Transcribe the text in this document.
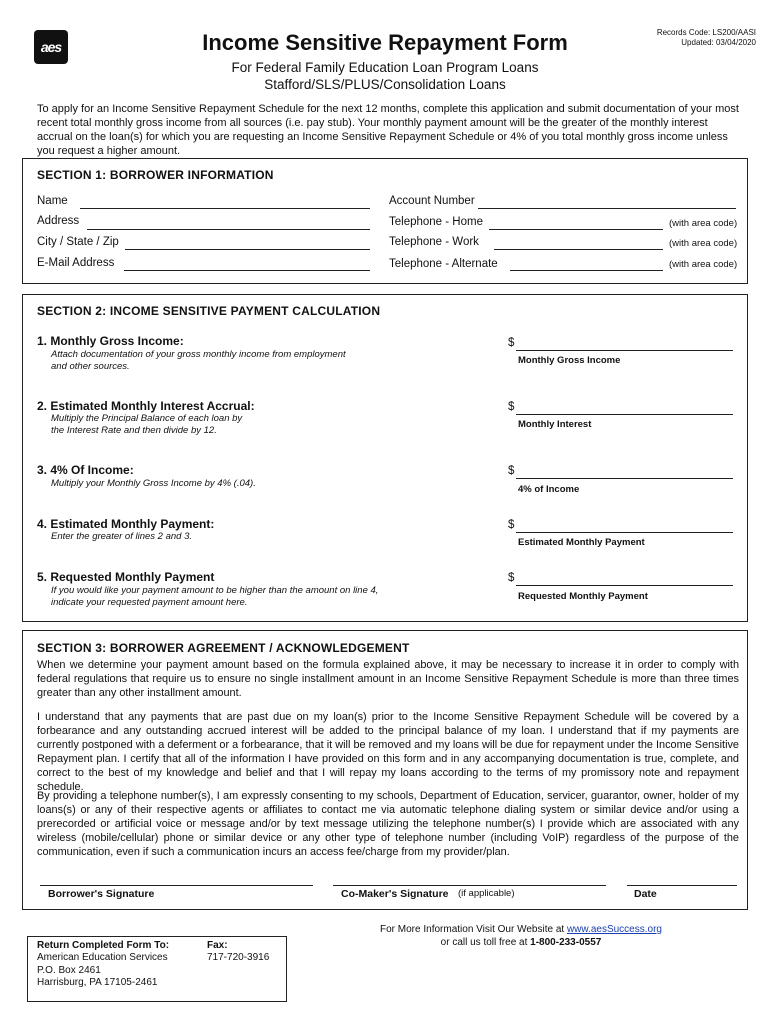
aes	Income Sensitive Repayment Form	Records Code: LS200/AASI
Updated: 03/04/2020
For Federal Family Education Loan Program Loans
Stafford/SLS/PLUS/Consolidation Loans
To apply for an Income Sensitive Repayment Schedule for the next 12 months, complete this application and submit documentation of your most recent total monthly gross income from all sources (i.e. pay stub). Your monthly payment amount will be the greater of the monthly interest accrual on the loan(s) for which you are requesting an Income Sensitive Repayment Schedule or 4% of you total monthly gross income unless you request a higher amount.
SECTION 1: BORROWER INFORMATION
Name
Address
City / State / Zip
E-Mail Address
Account Number
Telephone - Home	(with area code)
Telephone - Work	(with area code)
Telephone - Alternate	(with area code)
SECTION 2: INCOME SENSITIVE PAYMENT CALCULATION
1. Monthly Gross Income:
Attach documentation of your gross monthly income from employment
and other sources.
$
Monthly Gross Income
2. Estimated Monthly Interest Accrual:
Multiply the Principal Balance of each loan by
the Interest Rate and then divide by 12.
$
Monthly Interest
3. 4% Of Income:
Multiply your Monthly Gross Income by 4% (.04).
$
4% of Income
4. Estimated Monthly Payment:
Enter the greater of lines 2 and 3.
$
Estimated Monthly Payment
5. Requested Monthly Payment
If you would like your payment amount to be higher than the amount on line 4,
indicate your requested payment amount here.
$
Requested Monthly Payment
SECTION 3: BORROWER AGREEMENT / ACKNOWLEDGEMENT
When we determine your payment amount based on the formula explained above, it may be necessary to increase it in order to comply with federal regulations that require us to ensure no single installment amount in an Income Sensitive Repayment Schedule is more than three times greater than any other installment amount.
I understand that any payments that are past due on my loan(s) prior to the Income Sensitive Repayment Schedule will be covered by a forbearance and any outstanding accrued interest will be added to the principal balance of my loan. I understand that if my payments are currently postponed with a deferment or a forbearance, that it will be removed and my loans will be due for repayment under the Income Sensitive Repayment plan. I certify that all of the information I have provided on this form and in any accompanying documentation is true, complete, and correct to the best of my knowledge and belief and that I will repay my loans according to the terms of my promissory note and repayment schedule.
By providing a telephone number(s), I am expressly consenting to my schools, Department of Education, servicer, guarantor, owner, holder of my loans(s) or any of their respective agents or affiliates to contact me via automatic telephone dialing system or similar device and/or using a prerecorded or artificial voice or message and/or by text message utilizing the telephone number(s) I provide which are associated with any wireless (mobile/cellular) phone or similar device or any other type of telephone number (including VoIP) regardless of the purpose of the communication, even if such a communication incurs an access fee/charge from my provider/plan.
Borrower's Signature	Co-Maker's Signature (if applicable)	Date
Return Completed Form To:
American Education Services
P.O. Box 2461
Harrisburg, PA 17105-2461
Fax:
717-720-3916
For More Information Visit Our Website at www.aesSuccess.org
or call us toll free at 1-800-233-0557
